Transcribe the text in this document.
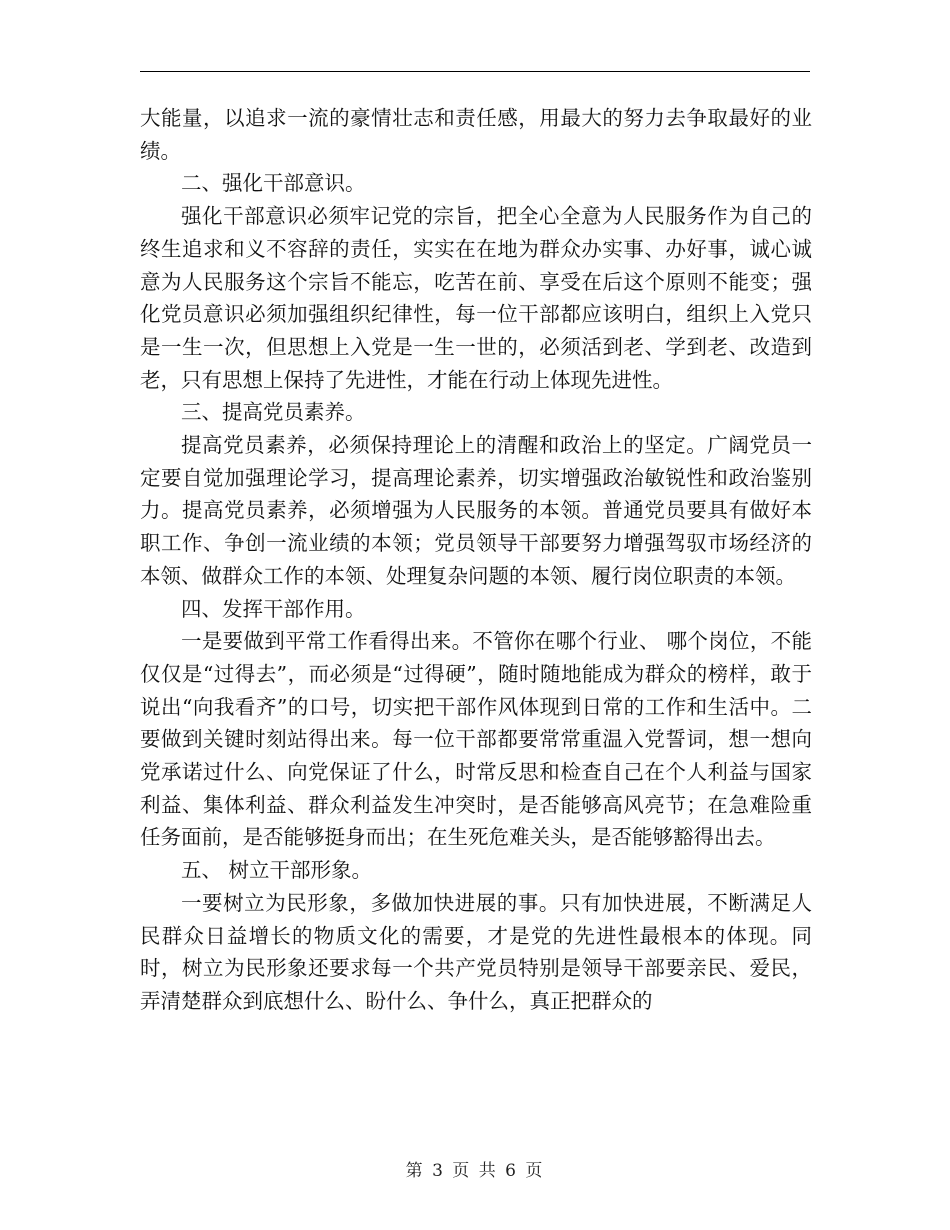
大能量，以追求一流的豪情壮志和责任感，用最大的努力去争取最好的业绩。

二、强化干部意识。

强化干部意识必须牢记党的宗旨，把全心全意为人民服务作为自己的终生追求和义不容辞的责任，实实在在地为群众办实事、办好事，诚心诚意为人民服务这个宗旨不能忘，吃苦在前、享受在后这个原则不能变；强化党员意识必须加强组织纪律性，每一位干部都应该明白，组织上入党只是一生一次，但思想上入党是一生一世的，必须活到老、学到老、改造到老，只有思想上保持了先进性，才能在行动上体现先进性。

三、提高党员素养。

提高党员素养，必须保持理论上的清醒和政治上的坚定。广阔党员一定要自觉加强理论学习，提高理论素养，切实增强政治敏锐性和政治鉴别力。提高党员素养，必须增强为人民服务的本领。普通党员要具有做好本职工作、争创一流业绩的本领；党员领导干部要努力增强驾驭市场经济的本领、做群众工作的本领、处理复杂问题的本领、履行岗位职责的本领。

四、发挥干部作用。

一是要做到平常工作看得出来。不管你在哪个行业、 哪个岗位，不能仅仅是“过得去”，而必须是“过得硬”，随时随地能成为群众的榜样，敢于说出“向我看齐”的口号，切实把干部作风体现到日常的工作和生活中。二要做到关键时刻站得出来。每一位干部都要常常重温入党誓词，想一想向党承诺过什么、向党保证了什么，时常反思和检查自己在个人利益与国家利益、集体利益、群众利益发生冲突时，是否能够高风亮节；在急难险重任务面前，是否能够挺身而出；在生死危难关头，是否能够豁得出去。

五、 树立干部形象。

一要树立为民形象，多做加快进展的事。只有加快进展，不断满足人民群众日益增长的物质文化的需要，才是党的先进性最根本的体现。同时，树立为民形象还要求每一个共产党员特别是领导干部要亲民、爱民，弄清楚群众到底想什么、盼什么、争什么，真正把群众的

第 3 页 共 6 页
